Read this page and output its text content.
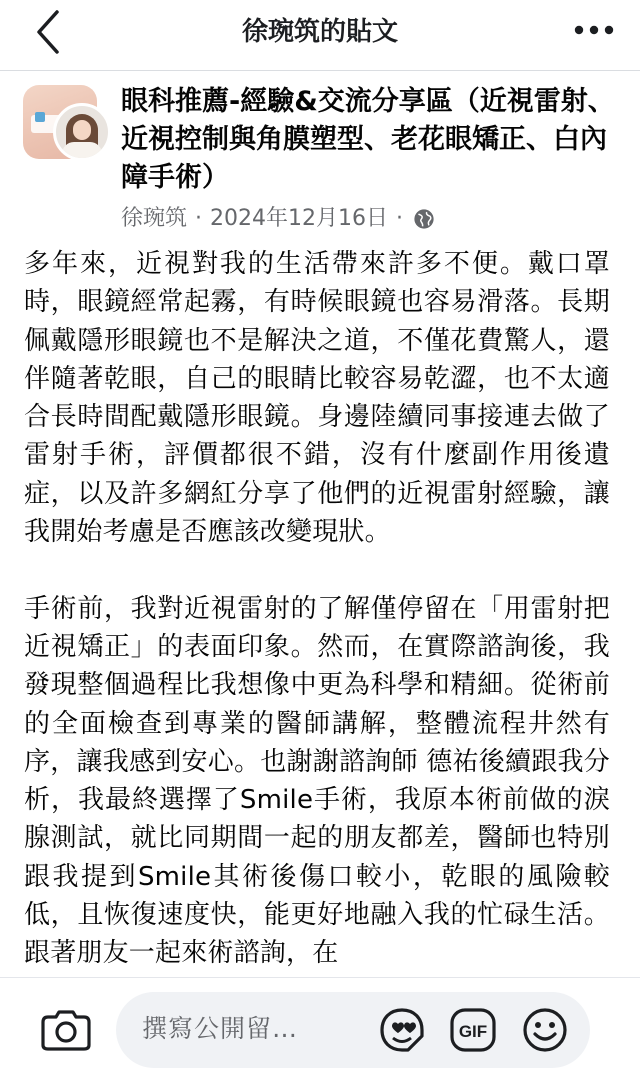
徐琬筑的貼文
眼科推薦-經驗&交流分享區（近視雷射、近視控制與角膜塑型、老花眼矯正、白內障手術）
徐琬筑 · 2024年12月16日 ·

多年來，近視對我的生活帶來許多不便。戴口罩時，眼鏡經常起霧，有時候眼鏡也容易滑落。長期佩戴隱形眼鏡也不是解決之道，不僅花費驚人，還伴隨著乾眼，自己的眼睛比較容易乾澀，也不太適合長時間配戴隱形眼鏡。身邊陸續同事接連去做了雷射手術，評價都很不錯，沒有什麼副作用後遺症，以及許多網紅分享了他們的近視雷射經驗，讓我開始考慮是否應該改變現狀。

手術前，我對近視雷射的了解僅停留在「用雷射把近視矯正」的表面印象。然而，在實際諮詢後，我發現整個過程比我想像中更為科學和精細。從術前的全面檢查到專業的醫師講解，整體流程井然有序，讓我感到安心。也謝謝諮詢師 德祐後續跟我分析，我最終選擇了Smile手術，我原本術前做的淚腺測試，就比同期間一起的朋友都差，醫師也特別跟我提到Smile其術後傷口較小，乾眼的風險較低，且恢復速度快，能更好地融入我的忙碌生活。跟著朋友一起來術諮詢，在

撰寫公開留…	GIF
